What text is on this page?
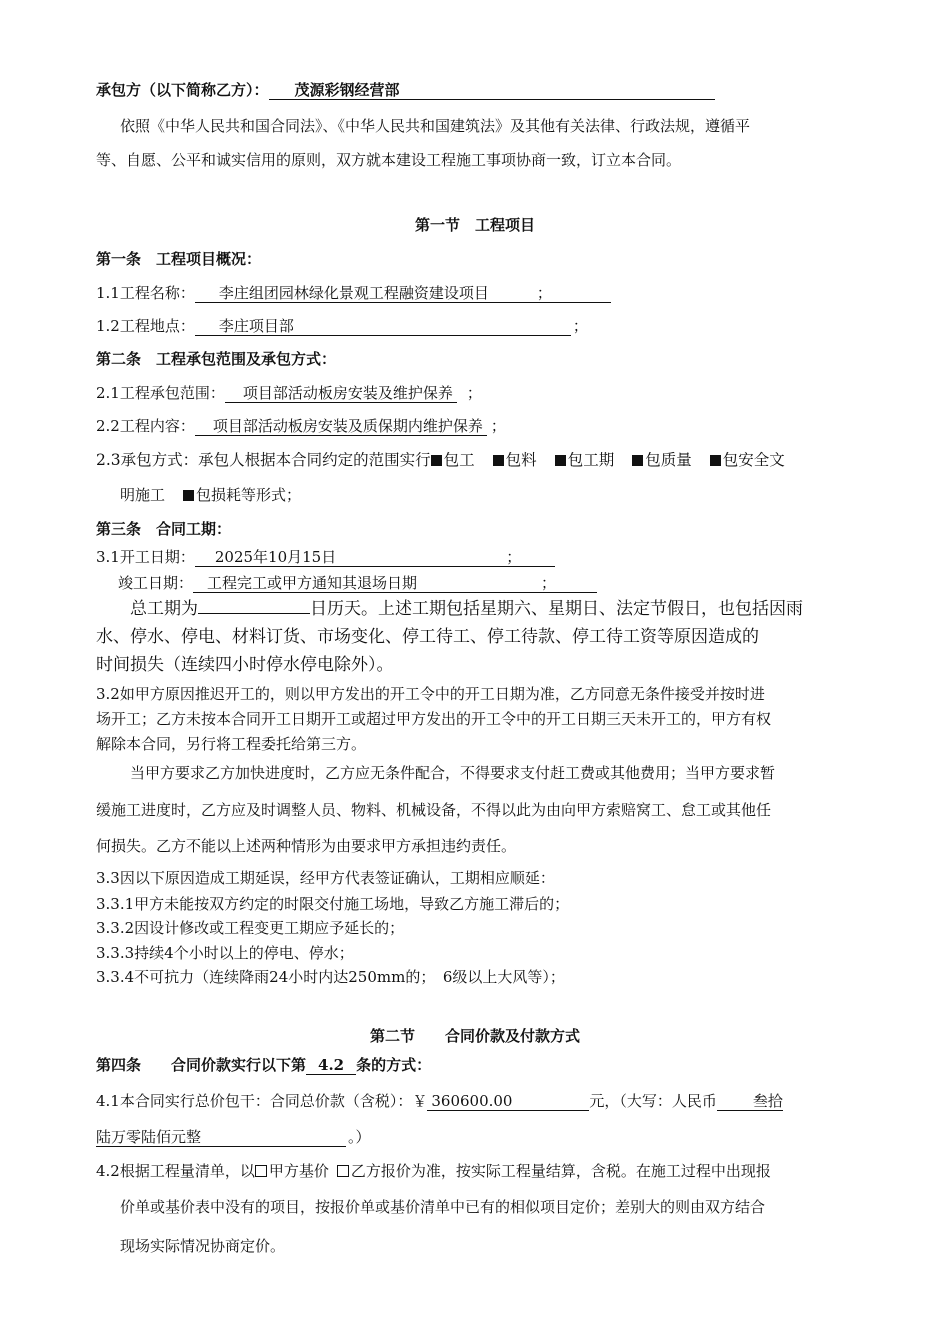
承包方（以下简称乙方）： 茂源彩钢经营部
依照《中华人民共和国合同法》、《中华人民共和国建筑法》及其他有关法律、行政法规，遵循平
等、自愿、公平和诚实信用的原则，双方就本建设工程施工事项协商一致，订立本合同。
第一节　工程项目
第一条　工程项目概况：
1.1工程名称： 李庄组团园林绿化景观工程融资建设项目	；
1.2工程地点： 李庄项目部	；
第二条　工程承包范围及承包方式：
2.1工程承包范围： 项目部活动板房安装及维护保养 ；
2.2工程内容： 项目部活动板房安装及质保期内维护保养 ；
2.3承包方式：承包人根据本合同约定的范围实行 包工 包料 包工期 包质量 包安全文
明施工 包损耗等形式；
第三条　合同工期：
3.1开工日期： 2025年10月15日	；
竣工日期： 工程完工或甲方通知其退场日期	；
总工期为	日历天。上述工期包括星期六、星期日、法定节假日，也包括因雨
水、停水、停电、材料订货、市场变化、停工待工、停工待款、停工待工资等原因造成的
时间损失（连续四小时停水停电除外）。
3.2如甲方原因推迟开工的，则以甲方发出的开工令中的开工日期为准，乙方同意无条件接受并按时进
场开工；乙方未按本合同开工日期开工或超过甲方发出的开工令中的开工日期三天未开工的，甲方有权
解除本合同，另行将工程委托给第三方。
当甲方要求乙方加快进度时，乙方应无条件配合，不得要求支付赶工费或其他费用；当甲方要求暂
缓施工进度时，乙方应及时调整人员、物料、机械设备，不得以此为由向甲方索赔窝工、怠工或其他任
何损失。乙方不能以上述两种情形为由要求甲方承担违约责任。
3.3因以下原因造成工期延误，经甲方代表签证确认，工期相应顺延：
3.3.1甲方未能按双方约定的时限交付施工场地，导致乙方施工滞后的；
3.3.2因设计修改或工程变更工期应予延长的；
3.3.3持续4个小时以上的停电、停水；
3.3.4不可抗力（连续降雨24小时内达250mm的；　6级以上大风等）；
第二节　　合同价款及付款方式
第四条　　合同价款实行以下第 4.2 条的方式：
4.1本合同实行总价包干：合同总价款（含税）：￥ 360600.00	元，（大写：人民币 叁拾
陆万零陆佰元整	。）
4.2根据工程量清单，以 甲方基价 乙方报价为准，按实际工程量结算，含税。在施工过程中出现报
价单或基价表中没有的项目，按报价单或基价清单中已有的相似项目定价；差别大的则由双方结合
现场实际情况协商定价。
